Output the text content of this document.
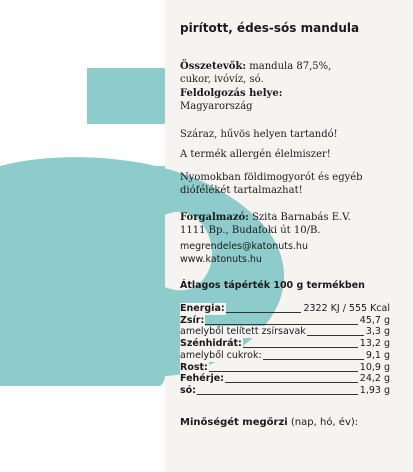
pirított, édes-sós mandula
Összetevők: mandula 87,5%,
cukor, ivóvíz, só.
Feldolgozás helye:
Magyarország
Száraz, hűvös helyen tartandó!
A termék allergén élelmiszer!
Nyomokban földimogyorót és egyéb
diófélékét tartalmazhat!
Forgalmazó: Szita Barnabás E.V.
1111 Bp., Budafoki út 10/B.
megrendeles@katonuts.hu
www.katonuts.hu
Átlagos tápérték 100 g termékben
Energia:	2322 KJ / 555 Kcal
Zsír:	45,7 g
amelyből telített zsírsavak	3,3 g
Szénhidrát:	13,2 g
amelyből cukrok:	9,1 g
Rost:	10,9 g
Fehérje:	24,2 g
só:	1,93 g
Minőségét megőrzi (nap, hó, év):
